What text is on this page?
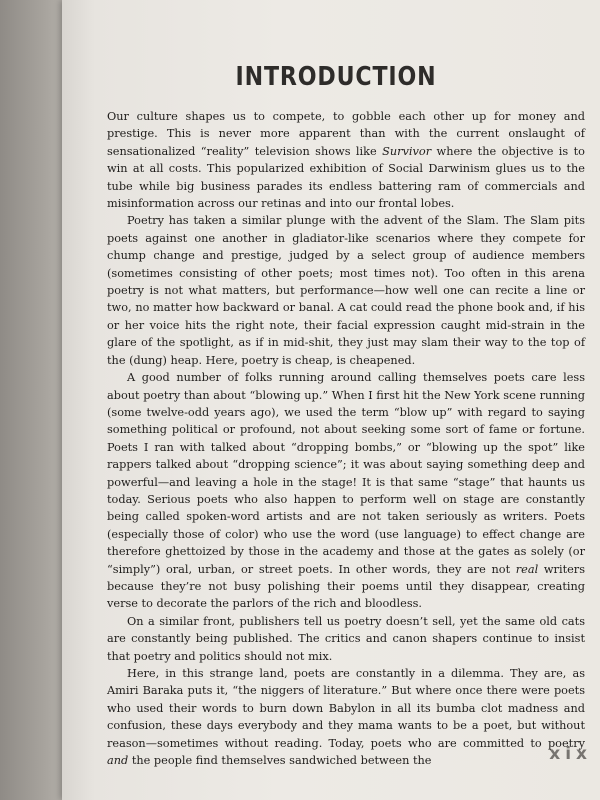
INTRODUCTION

Our culture shapes us to compete, to gobble each other up for money and prestige. This is never more apparent than with the current onslaught of sensationalized “reality” television shows like Survivor where the objective is to win at all costs. This popularized exhibition of Social Darwinism glues us to the tube while big business parades its endless battering ram of commercials and misinformation across our retinas and into our frontal lobes.

Poetry has taken a similar plunge with the advent of the Slam. The Slam pits poets against one another in gladiator-like scenarios where they compete for chump change and prestige, judged by a select group of audience members (sometimes consisting of other poets; most times not). Too often in this arena poetry is not what matters, but performance—how well one can recite a line or two, no matter how backward or banal. A cat could read the phone book and, if his or her voice hits the right note, their facial expression caught mid-strain in the glare of the spotlight, as if in mid-shit, they just may slam their way to the top of the (dung) heap. Here, poetry is cheap, is cheapened.

A good number of folks running around calling themselves poets care less about poetry than about “blowing up.” When I first hit the New York scene running (some twelve-odd years ago), we used the term “blow up” with regard to saying something political or profound, not about seeking some sort of fame or fortune. Poets I ran with talked about “dropping bombs,” or “blowing up the spot” like rappers talked about “dropping science”; it was about saying something deep and powerful—and leaving a hole in the stage! It is that same “stage” that haunts us today. Serious poets who also happen to perform well on stage are constantly being called spoken-word artists and are not taken seriously as writers. Poets (especially those of color) who use the word (use language) to effect change are therefore ghettoized by those in the academy and those at the gates as solely (or “simply”) oral, urban, or street poets. In other words, they are not real writers because they’re not busy polishing their poems until they disappear, creating verse to decorate the parlors of the rich and bloodless.

On a similar front, publishers tell us poetry doesn’t sell, yet the same old cats are constantly being published. The critics and canon shapers continue to insist that poetry and politics should not mix.

Here, in this strange land, poets are constantly in a dilemma. They are, as Amiri Baraka puts it, “the niggers of literature.” But where once there were poets who used their words to burn down Babylon in all its bumba clot madness and confusion, these days everybody and they mama wants to be a poet, but without reason—sometimes without reading. Today, poets who are committed to poetry and the people find themselves sandwiched between the	xix
